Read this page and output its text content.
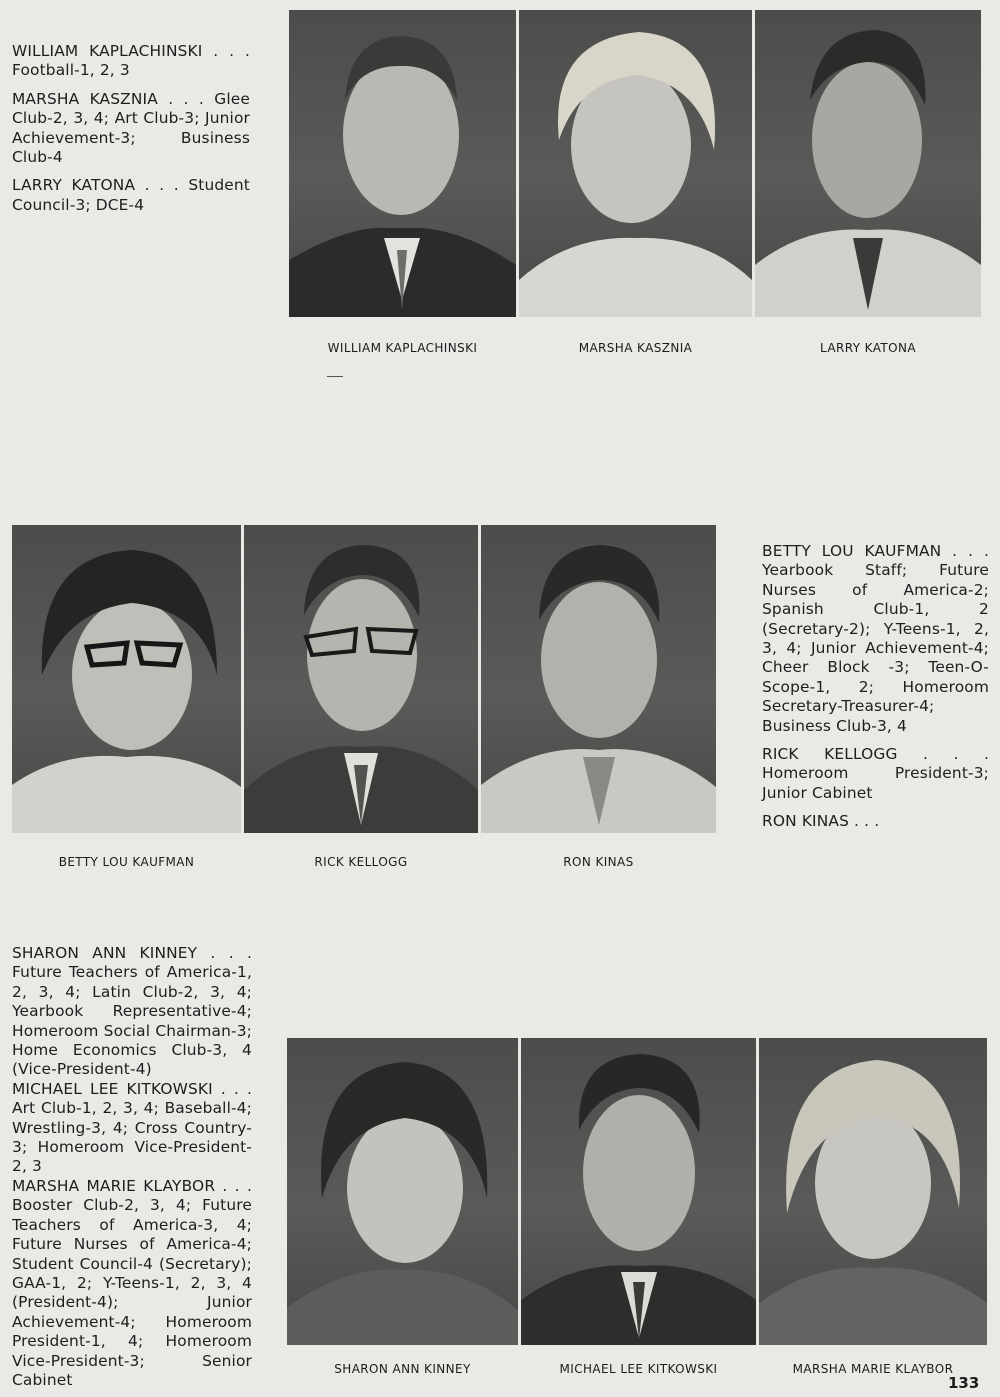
WILLIAM KAPLACHINSKI . . . Football-1, 2, 3

MARSHA KASZNIA . . . Glee Club-2, 3, 4; Art Club-3; Junior Achievement-3; Business Club-4

LARRY KATONA . . . Student Council-3; DCE-4

WILLIAM KAPLACHINSKI	MARSHA KASZNIA	LARRY KATONA
BETTY LOU KAUFMAN	RICK KELLOGG	RON KINAS

BETTY LOU KAUFMAN . . . Yearbook Staff; Future Nurses of America-2; Spanish Club-1, 2 (Secretary-2); Y-Teens-1, 2, 3, 4; Junior Achievement-4; Cheer Block -3; Teen-O-Scope-1, 2; Homeroom Secretary-Treasurer-4; Business Club-3, 4

RICK KELLOGG . . . Homeroom President-3; Junior Cabinet

RON KINAS . . .

SHARON ANN KINNEY . . . Future Teachers of America-1, 2, 3, 4; Latin Club-2, 3, 4; Yearbook Representative-4; Homeroom Social Chairman-3; Home Economics Club-3, 4 (Vice-President-4)

MICHAEL LEE KITKOWSKI . . . Art Club-1, 2, 3, 4; Baseball-4; Wrestling-3, 4; Cross Country-3; Homeroom Vice-President-2, 3

MARSHA MARIE KLAYBOR . . . Booster Club-2, 3, 4; Future Teachers of America-3, 4; Future Nurses of America-4; Student Council-4 (Secretary); GAA-1, 2; Y-Teens-1, 2, 3, 4 (President-4); Junior Achievement-4; Homeroom President-1, 4; Homeroom Vice-President-3; Senior Cabinet

SHARON ANN KINNEY	MICHAEL LEE KITKOWSKI	MARSHA MARIE KLAYBOR
133
